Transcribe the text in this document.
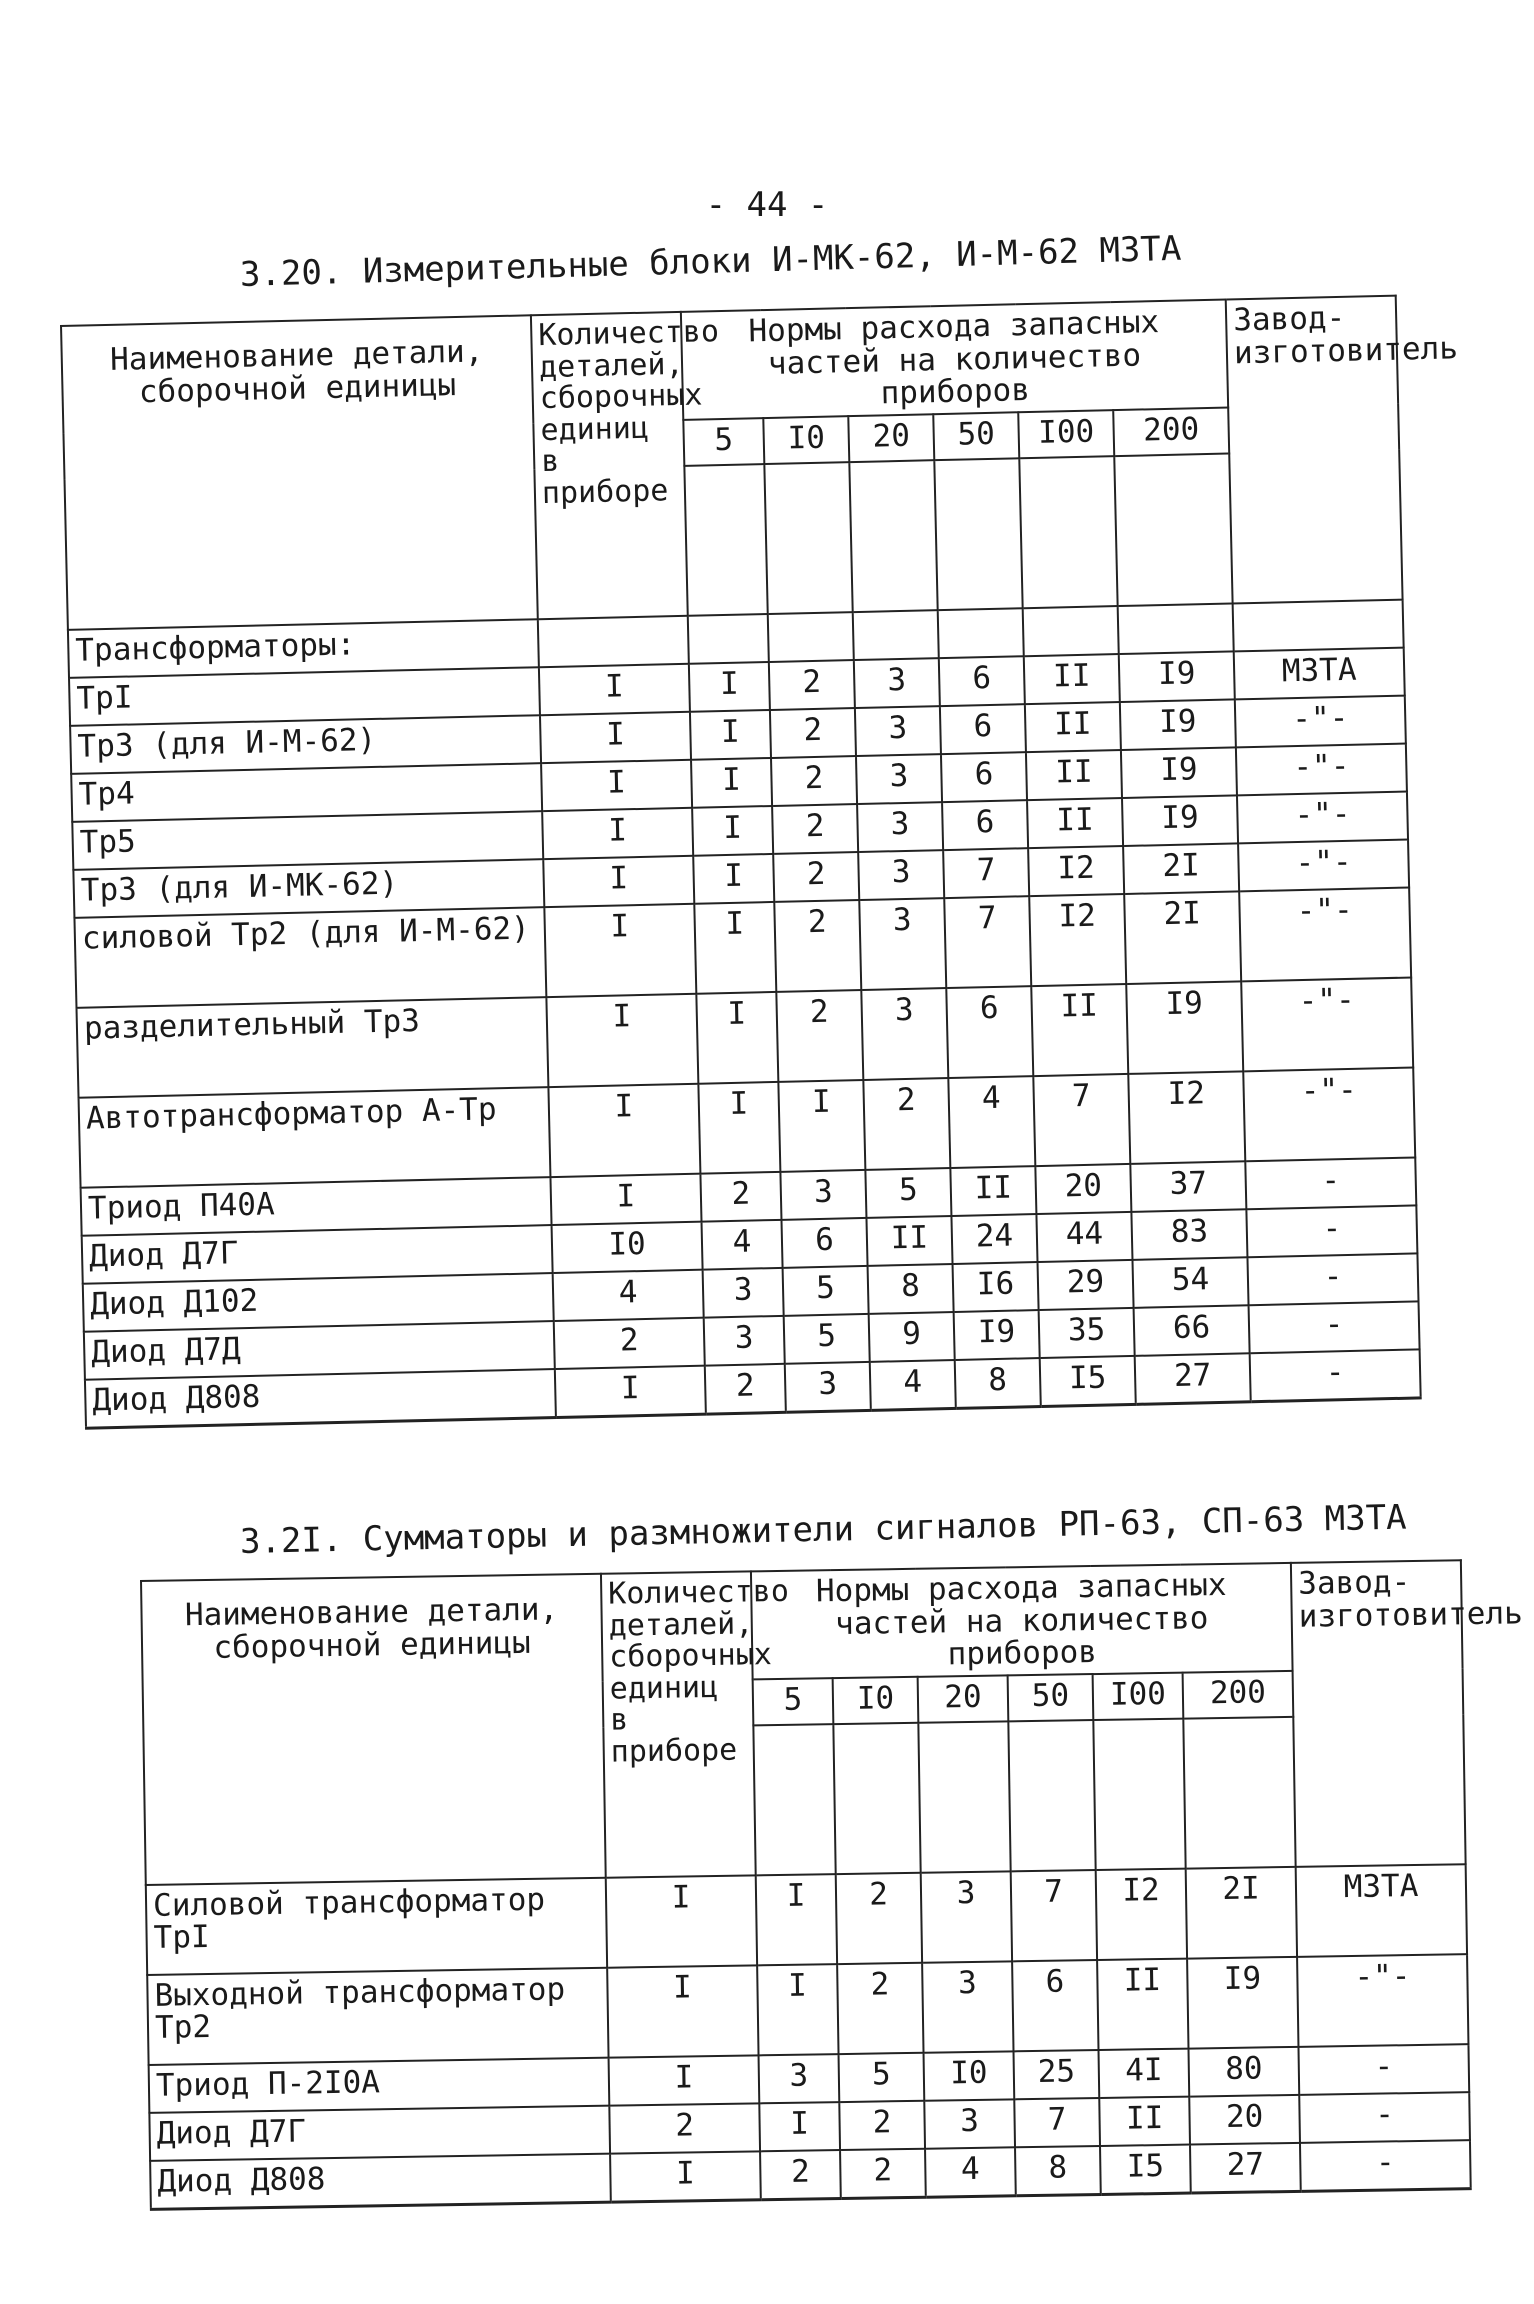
- 44 -
3.20. Измерительные блоки И-МК-62, И-М-62 МЗТА
Наименование детали, сборочной единицы	Количество деталей, сборочных единиц в приборе	Нормы расхода запасных частей на количество приборов						Завод-изготовитель
		5	I0	20	50	I00	200	

Трансформаторы:								
ТрI	I	I	2	3	6	II	I9	МЗТА
Тр3 (для И-М-62)	I	I	2	3	6	II	I9	-"-
Тр4	I	I	2	3	6	II	I9	-"-
Тр5	I	I	2	3	6	II	I9	-"-
Тр3 (для И-МК-62)	I	I	2	3	7	I2	2I	-"-
силовой Тр2 (для И-М-62)	I	I	2	3	7	I2	2I	-"-
разделительный Тр3	I	I	2	3	6	II	I9	-"-
Автотрансформатор А-Тр	I	I	I	2	4	7	I2	-"-
Триод П40А	I	2	3	5	II	20	37	-
Диод Д7Г	I0	4	6	II	24	44	83	-
Диод Д102	4	3	5	8	I6	29	54	-
Диод Д7Д	2	3	5	9	I9	35	66	-
Диод Д808	I	2	3	4	8	I5	27	-
3.2I. Сумматоры и размножители сигналов РП-63, СП-63 МЗТА
Наименование детали, сборочной единицы	Количество деталей, сборочных единиц в приборе	Нормы расхода запасных частей на количество приборов						Завод-изготовитель
		5	I0	20	50	I00	200	

Силовой трансформатор ТрI	I	I	2	3	7	I2	2I	МЗТА
Выходной трансформатор Тр2	I	I	2	3	6	II	I9	-"-
Триод П-2I0А	I	3	5	I0	25	4I	80	-
Диод Д7Г	2	I	2	3	7	II	20	-
Диод Д808	I	2	2	4	8	I5	27	-
